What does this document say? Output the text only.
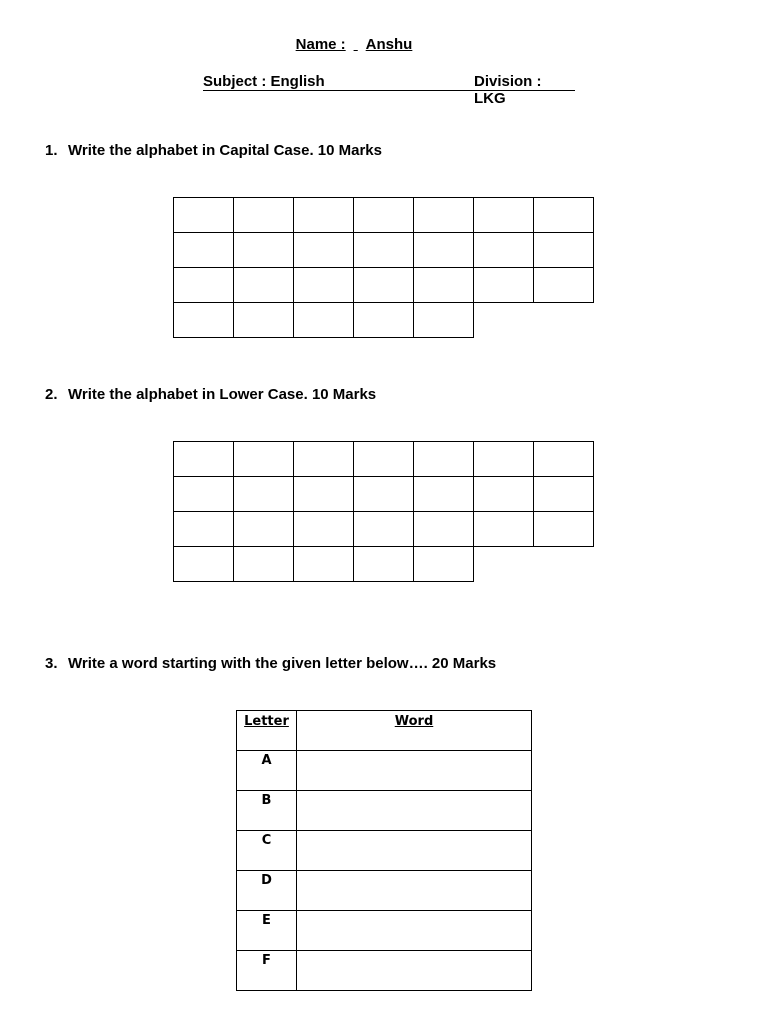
Name : Anshu
Subject : English	Division : LKG
1. Write the alphabet in Capital Case. 10 Marks

2. Write the alphabet in Lower Case. 10 Marks

3. Write a word starting with the given letter below…. 20 Marks
Letter	Word
A	
B	
C	
D	
E	
F	
